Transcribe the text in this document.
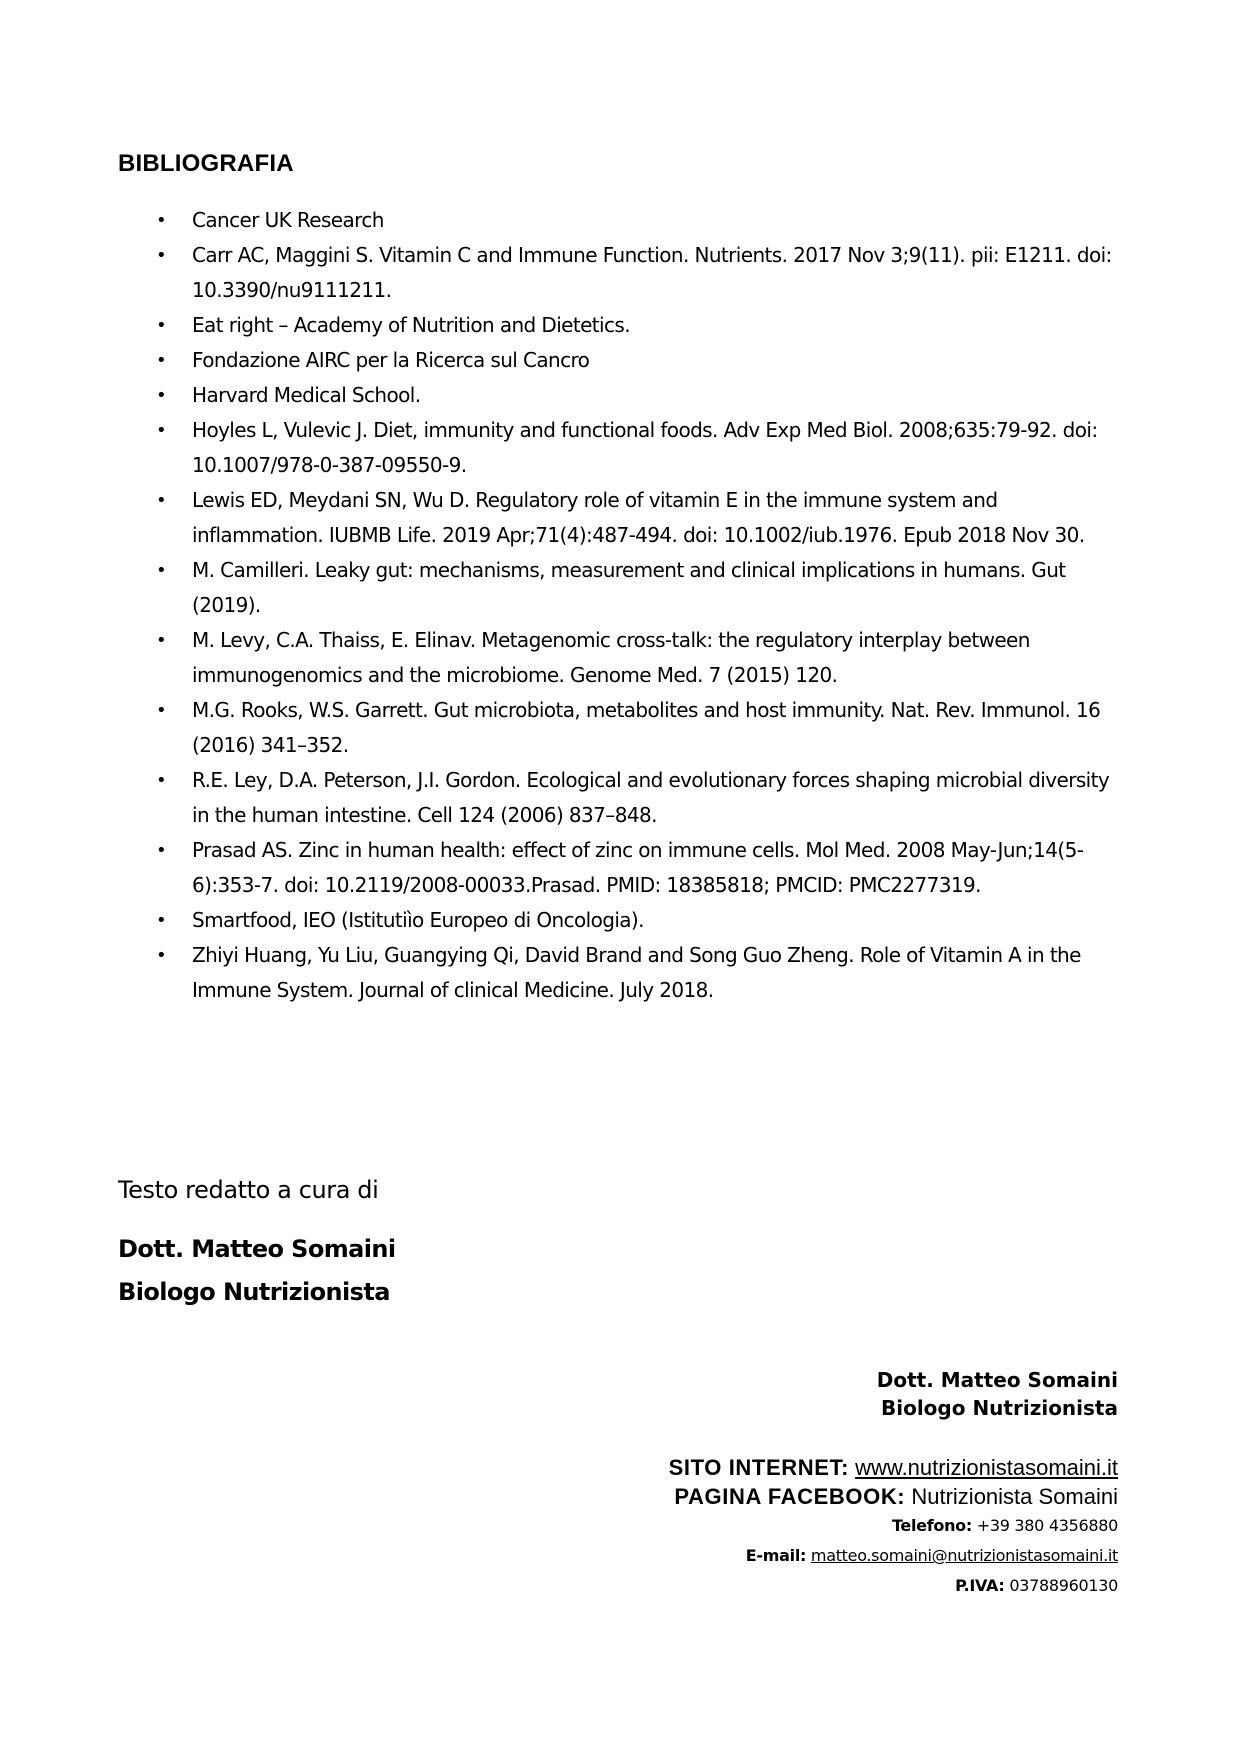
BIBLIOGRAFIA
• Cancer UK Research
• Carr AC, Maggini S. Vitamin C and Immune Function. Nutrients. 2017 Nov 3;9(11). pii: E1211. doi: 10.3390/nu9111211.
• Eat right – Academy of Nutrition and Dietetics.
• Fondazione AIRC per la Ricerca sul Cancro
• Harvard Medical School.
• Hoyles L, Vulevic J. Diet, immunity and functional foods. Adv Exp Med Biol. 2008;635:79-92. doi: 10.1007/978-0-387-09550-9.
• Lewis ED, Meydani SN, Wu D. Regulatory role of vitamin E in the immune system and inflammation. IUBMB Life. 2019 Apr;71(4):487-494. doi: 10.1002/iub.1976. Epub 2018 Nov 30.
• M. Camilleri. Leaky gut: mechanisms, measurement and clinical implications in humans. Gut (2019).
• M. Levy, C.A. Thaiss, E. Elinav. Metagenomic cross-talk: the regulatory interplay between immunogenomics and the microbiome. Genome Med. 7 (2015) 120.
• M.G. Rooks, W.S. Garrett. Gut microbiota, metabolites and host immunity. Nat. Rev. Immunol. 16 (2016) 341–352.
• R.E. Ley, D.A. Peterson, J.I. Gordon. Ecological and evolutionary forces shaping microbial diversity in the human intestine. Cell 124 (2006) 837–848.
• Prasad AS. Zinc in human health: effect of zinc on immune cells. Mol Med. 2008 May-Jun;14(5-6):353-7. doi: 10.2119/2008-00033.Prasad. PMID: 18385818; PMCID: PMC2277319.
• Smartfood, IEO (Istitutiìo Europeo di Oncologia).
• Zhiyi Huang, Yu Liu, Guangying Qi, David Brand and Song Guo Zheng. Role of Vitamin A in the Immune System. Journal of clinical Medicine. July 2018.
Testo redatto a cura di
Dott. Matteo Somaini
Biologo Nutrizionista
Dott. Matteo Somaini
Biologo Nutrizionista
SITO INTERNET: www.nutrizionistasomaini.it
PAGINA FACEBOOK: Nutrizionista Somaini
Telefono: +39 380 4356880
E-mail: matteo.somaini@nutrizionistasomaini.it
P.IVA: 03788960130
